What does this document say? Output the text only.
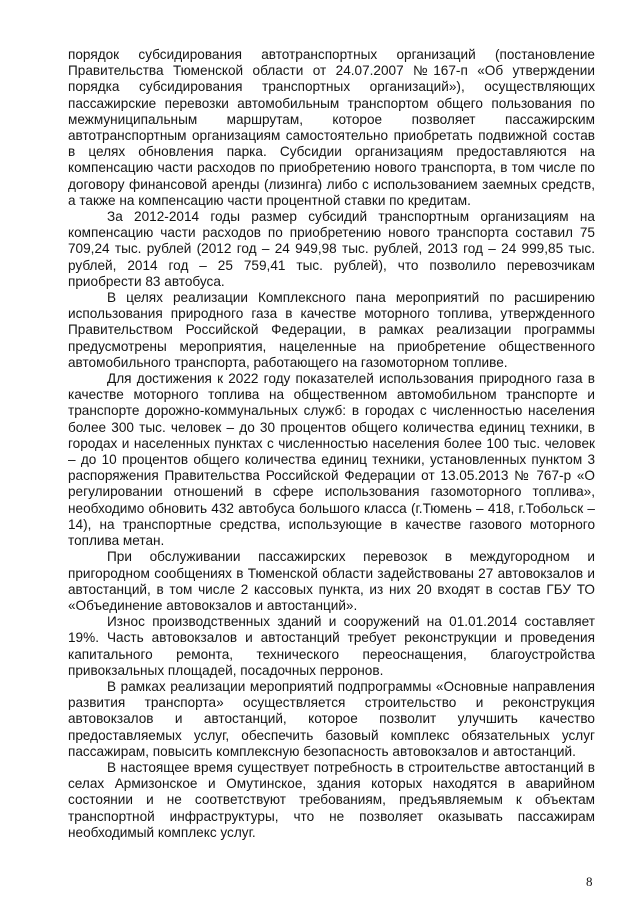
порядок субсидирования автотранспортных организаций (постановление Правительства Тюменской области от 24.07.2007 №167-п «Об утверждении порядка субсидирования транспортных организаций»), осуществляющих пассажирские перевозки автомобильным транспортом общего пользования по межмуниципальным маршрутам, которое позволяет пассажирским автотранспортным организациям самостоятельно приобретать подвижной состав в целях обновления парка. Субсидии организациям предоставляются на компенсацию части расходов по приобретению нового транспорта, в том числе по договору финансовой аренды (лизинга) либо с использованием заемных средств, а также на компенсацию части процентной ставки по кредитам.

За 2012-2014 годы размер субсидий транспортным организациям на компенсацию части расходов по приобретению нового транспорта составил 75 709,24 тыс. рублей (2012 год – 24 949,98 тыс. рублей, 2013 год – 24 999,85 тыс. рублей, 2014 год – 25 759,41 тыс. рублей), что позволило перевозчикам приобрести 83 автобуса.

В целях реализации Комплексного пана мероприятий по расширению использования природного газа в качестве моторного топлива, утвержденного Правительством Российской Федерации, в рамках реализации программы предусмотрены мероприятия, нацеленные на приобретение общественного автомобильного транспорта, работающего на газомоторном топливе.

Для достижения к 2022 году показателей использования природного газа в качестве моторного топлива на общественном автомобильном транспорте и транспорте дорожно-коммунальных служб: в городах с численностью населения более 300 тыс. человек – до 30 процентов общего количества единиц техники, в городах и населенных пунктах с численностью населения более 100 тыс. человек – до 10 процентов общего количества единиц техники, установленных пунктом 3 распоряжения Правительства Российской Федерации от 13.05.2013 № 767-р «О регулировании отношений в сфере использования газомоторного топлива», необходимо обновить 432 автобуса большого класса (г.Тюмень – 418, г.Тобольск – 14), на транспортные средства, использующие в качестве газового моторного топлива метан.

При обслуживании пассажирских перевозок в междугородном и пригородном сообщениях в Тюменской области задействованы 27 автовокзалов и автостанций, в том числе 2 кассовых пункта, из них 20 входят в состав ГБУ ТО «Объединение автовокзалов и автостанций».

Износ производственных зданий и сооружений на 01.01.2014 составляет 19%. Часть автовокзалов и автостанций требует реконструкции и проведения капитального ремонта, технического переоснащения, благоустройства привокзальных площадей, посадочных перронов.

В рамках реализации мероприятий подпрограммы «Основные направления развития транспорта» осуществляется строительство и реконструкция автовокзалов и автостанций, которое позволит улучшить качество предоставляемых услуг, обеспечить базовый комплекс обязательных услуг пассажирам, повысить комплексную безопасность автовокзалов и автостанций.

В настоящее время существует потребность в строительстве автостанций в селах Армизонское и Омутинское, здания которых находятся в аварийном состоянии и не соответствуют требованиям, предъявляемым к объектам транспортной инфраструктуры, что не позволяет оказывать пассажирам необходимый комплекс услуг.

8
